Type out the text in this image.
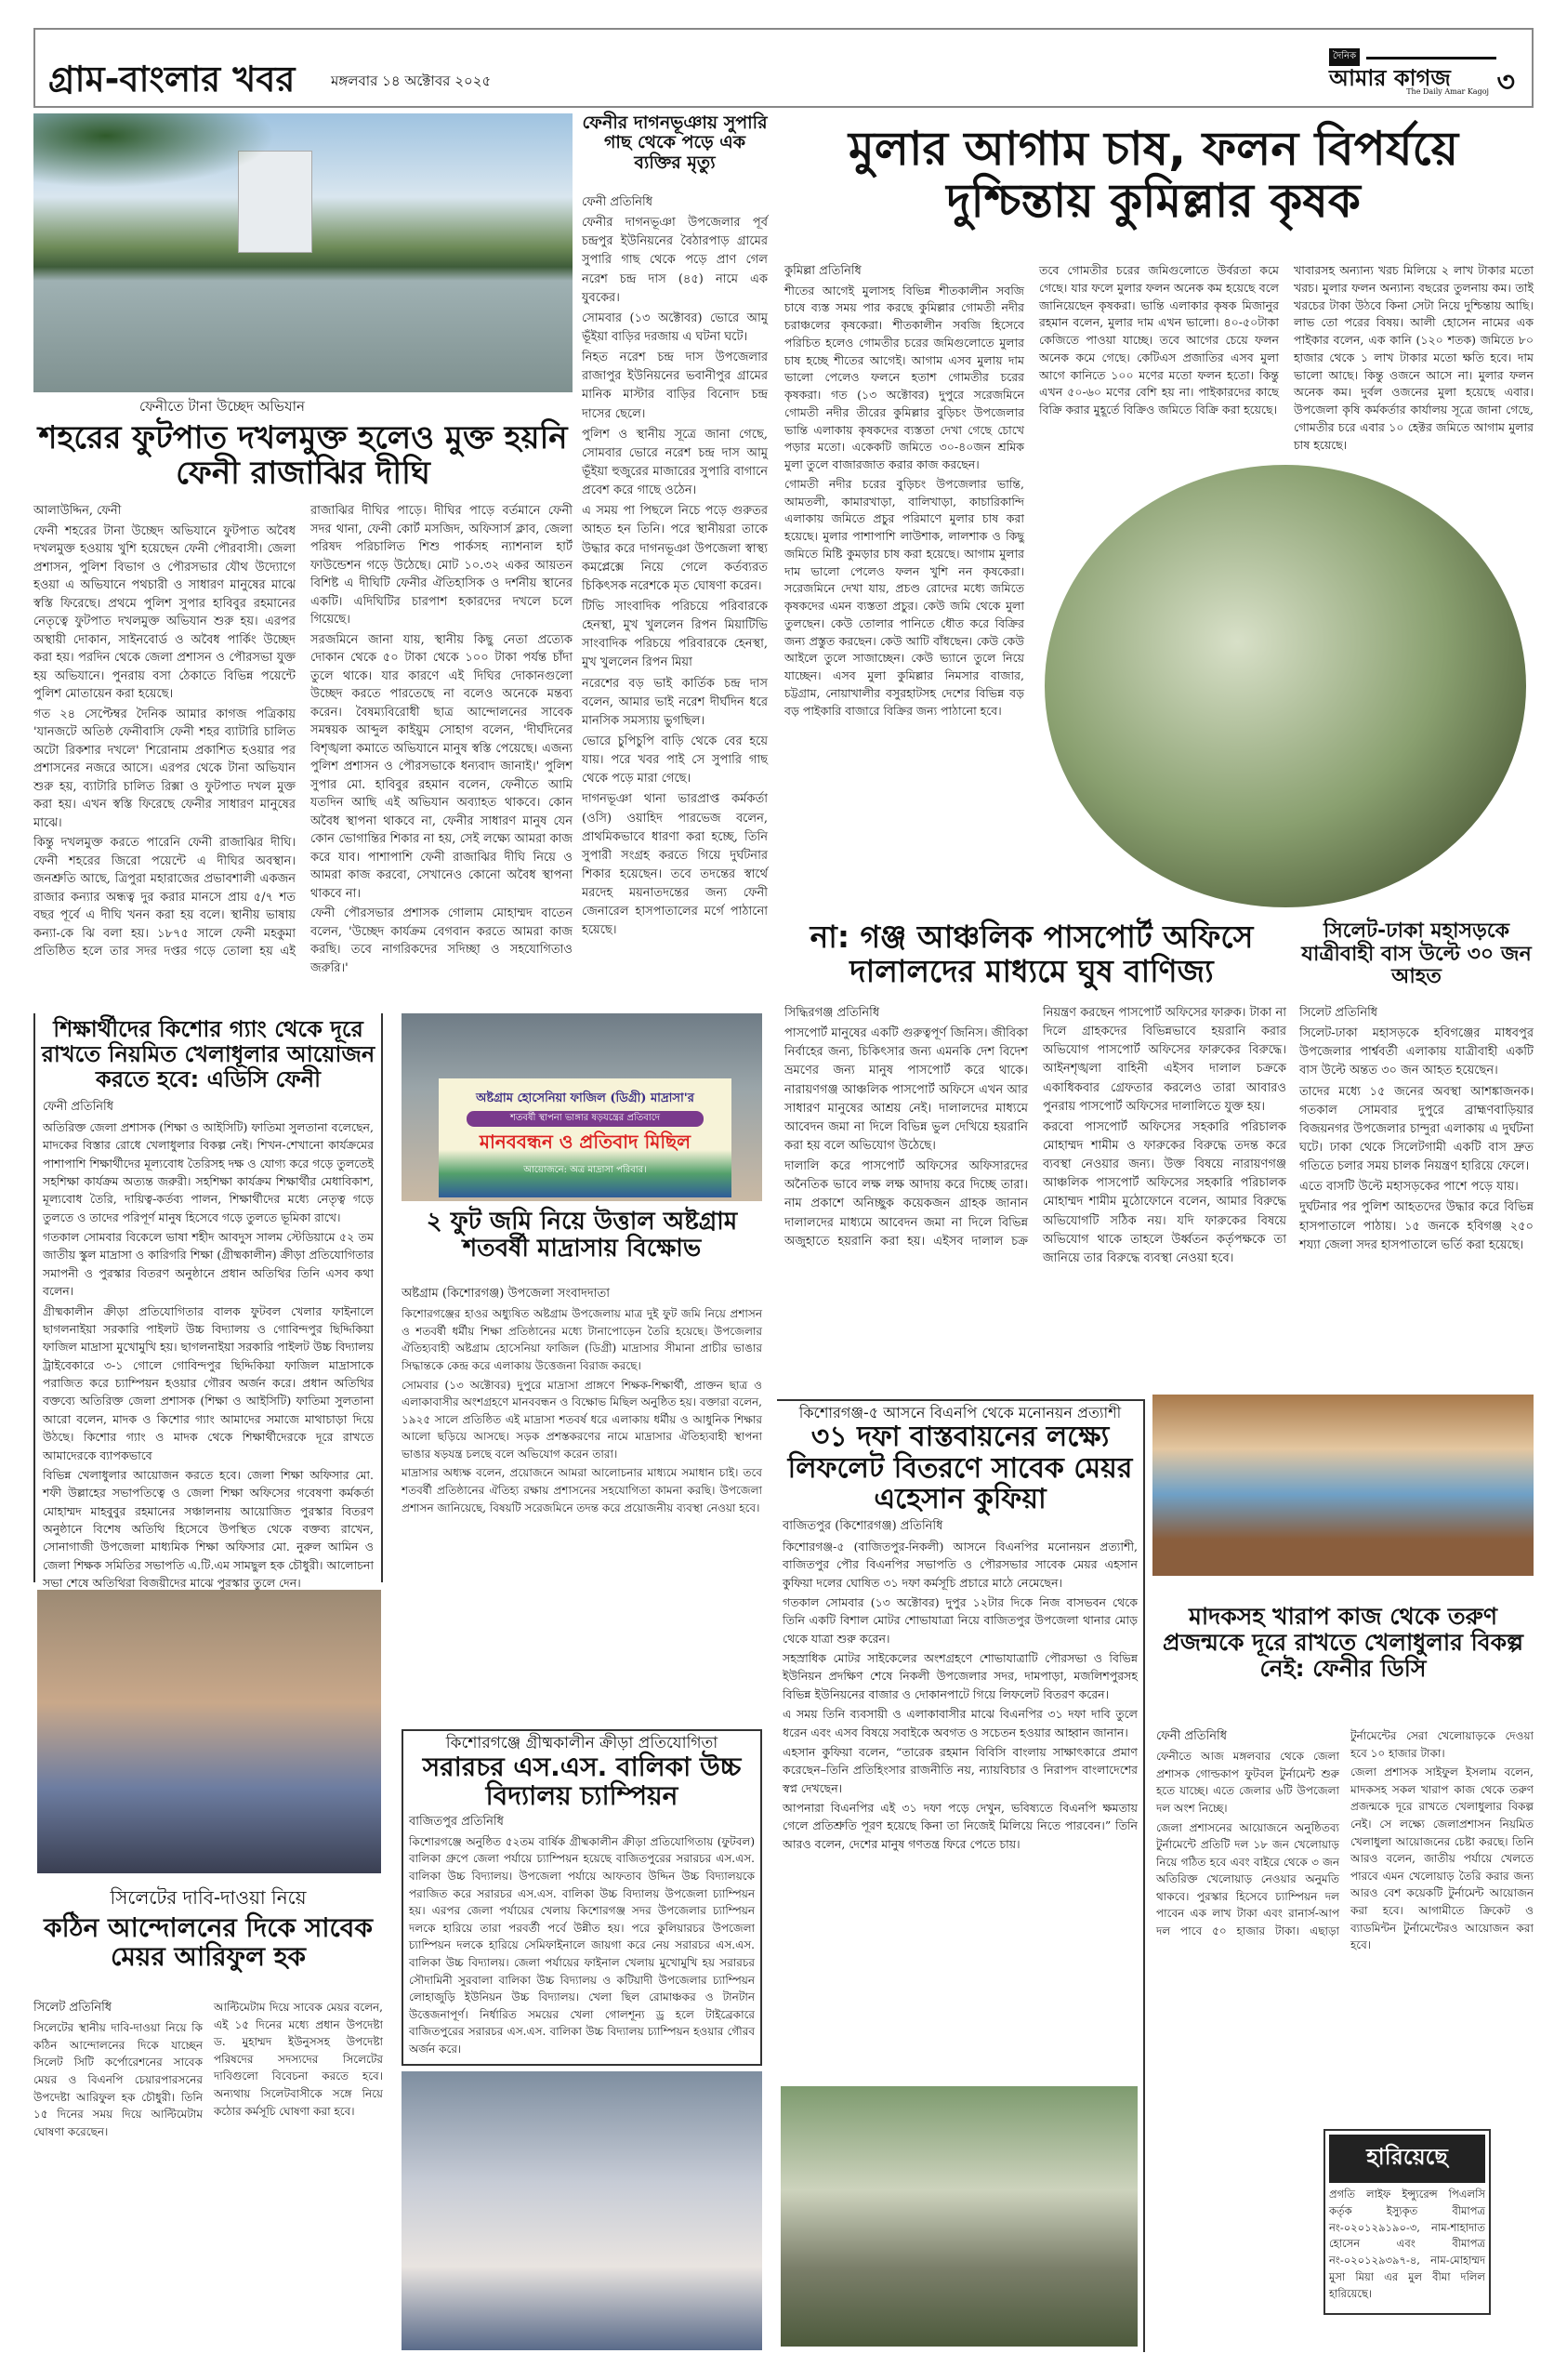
গ্রাম-বাংলার খবর	মঙ্গলবার ১৪ অক্টোবর ২০২৫
দৈনিক
আমার কাগজ
The Daily Amar Kagoj ৩
ফেনীতে টানা উচ্ছেদ অভিযান
শহরের ফুটপাত দখলমুক্ত হলেও মুক্ত হয়নি ফেনী রাজাঝির দীঘি

আলাউদ্দিন, ফেনী

ফেনী শহরের টানা উচ্ছেদ অভিযানে ফুটপাত অবৈধ দখলমুক্ত হওয়ায় খুশি হয়েছেন ফেনী পৌরবাসী। জেলা প্রশাসন, পুলিশ বিভাগ ও পৌরসভার যৌথ উদ্যোগে হওয়া এ অভিযানে পথচারী ও সাধারণ মানুষের মাঝে স্বস্তি ফিরেছে। প্রথমে পুলিশ সুপার হাবিবুর রহমানের নেতৃত্বে ফুটপাত দখলমুক্ত অভিযান শুরু হয়। এরপর অস্থায়ী দোকান, সাইনবোর্ড ও অবৈধ পার্কিং উচ্ছেদ করা হয়। পরদিন থেকে জেলা প্রশাসন ও পৌরসভা যুক্ত হয় অভিযানে। পুনরায় বসা ঠেকাতে বিভিন্ন পয়েন্টে পুলিশ মোতায়েন করা হয়েছে।

গত ২৪ সেপ্টেম্বর দৈনিক আমার কাগজ পত্রিকায় 'যানজটে অতিষ্ঠ ফেনীবাসি ফেনী শহর ব্যাটারি চালিত অটো রিকশার দখলে' শিরোনাম প্রকাশিত হওয়ার পর প্রশাসনের নজরে আসে। এরপর থেকে টানা অভিযান শুরু হয়, ব্যাটারি চালিত রিক্সা ও ফুটপাত দখল মুক্ত করা হয়। এখন স্বস্তি ফিরেছে ফেনীর সাধারণ মানুষের মাঝে।

কিন্তু দখলমুক্ত করতে পারেনি ফেনী রাজাঝির দীঘি। ফেনী শহরের জিরো পয়েন্টে এ দীঘির অবস্থান। জনশ্রুতি আছে, ত্রিপুরা মহারাজের প্রভাবশালী একজন রাজার কন্যার অন্ধত্ব দুর করার মানসে প্রায় ৫/৭ শত বছর পূর্বে এ দীঘি খনন করা হয় বলে। স্থানীয় ভাষায় কন্যা-কে ঝি বলা হয়। ১৮৭৫ সালে ফেনী মহকুমা প্রতিষ্ঠিত হলে তার সদর দপ্তর গড়ে তোলা হয় এই রাজাঝির দীঘির পাড়ে। দীঘির পাড়ে বর্তমানে ফেনী সদর থানা, ফেনী কোর্ট মসজিদ, অফিসার্স ক্লাব, জেলা পরিষদ পরিচালিত শিশু পার্কসহ ন্যাশনাল হার্ট ফাউন্ডেশন গড়ে উঠেছে। মোট ১০.৩২ একর আয়তন বিশিষ্ট এ দীঘিটি ফেনীর ঐতিহাসিক ও দর্শনীয় স্থানের একটি। এদিঘিটির চারপাশ হকারদের দখলে চলে গিয়েছে।

সরজমিনে জানা যায়, স্থানীয় কিছু নেতা প্রত্যেক দোকান থেকে ৫০ টাকা থেকে ১০০ টাকা পর্যন্ত চাঁদা তুলে থাকে। যার কারণে এই দিঘির দোকানগুলো উচ্ছেদ করতে পারতেছে না বলেও অনেকে মন্তব্য করেন। বৈষম্যবিরোধী ছাত্র আন্দোলনের সাবেক সমন্বয়ক আব্দুল কাইয়ুম সোহাগ বলেন, 'দীর্ঘদিনের বিশৃঙ্খলা কমাতে অভিযানে মানুষ স্বস্তি পেয়েছে। এজন্য পুলিশ প্রশাসন ও পৌরসভাকে ধন্যবাদ জানাই।' পুলিশ সুপার মো. হাবিবুর রহমান বলেন, ফেনীতে আমি যতদিন আছি এই অভিযান অব্যাহত থাকবে। কোন অবৈধ স্থাপনা থাকবে না, ফেনীর সাধারণ মানুষ যেন কোন ভোগান্তির শিকার না হয়, সেই লক্ষ্যে আমরা কাজ করে যাব। পাশাপাশি ফেনী রাজাঝির দীঘি নিয়ে ও আমরা কাজ করবো, সেখানেও কোনো অবৈধ স্থাপনা থাকবে না।

ফেনী পৌরসভার প্রশাসক গোলাম মোহাম্মদ বাতেন বলেন, 'উচ্ছেদ কার্যক্রম বেগবান করতে আমরা কাজ করছি। তবে নাগরিকদের সদিচ্ছা ও সহযোগিতাও জরুরি।'

ফেনীর দাগনভূঞায় সুপারি গাছ থেকে পড়ে এক ব্যক্তির মৃত্যু

ফেনী প্রতিনিধি

ফেনীর দাগনভূঞা উপজেলার পূর্ব চন্দ্রপুর ইউনিয়নের বৈঠারপাড় গ্রামের সুপারি গাছ থেকে পড়ে প্রাণ গেল নরেশ চন্দ্র দাস (৪৫) নামে এক যুবকের।

সোমবার (১৩ অক্টোবর) ভোরে আমু ভূঁইয়া বাড়ির দরজায় এ ঘটনা ঘটে।

নিহত নরেশ চন্দ্র দাস উপজেলার রাজাপুর ইউনিয়নের ভবানীপুর গ্রামের মানিক মাস্টার বাড়ির বিনোদ চন্দ্র দাসের ছেলে।

পুলিশ ও স্থানীয় সূত্রে জানা গেছে, সোমবার ভোরে নরেশ চন্দ্র দাস আমু ভূঁইয়া হুজুরের মাজারের সুপারি বাগানে প্রবেশ করে গাছে ওঠেন।

এ সময় পা পিছলে নিচে পড়ে গুরুতর আহত হন তিনি। পরে স্থানীয়রা তাকে উদ্ধার করে দাগনভূঞা উপজেলা স্বাস্থ্য কমপ্লেক্সে নিয়ে গেলে কর্তব্যরত চিকিৎসক নরেশকে মৃত ঘোষণা করেন।

টিভি সাংবাদিক পরিচয়ে পরিবারকে হেনস্থা, মুখ খুললেন রিপন মিয়াটিভি সাংবাদিক পরিচয়ে পরিবারকে হেনস্থা, মুখ খুললেন রিপন মিয়া

নরেশের বড় ভাই কার্তিক চন্দ্র দাস বলেন, আমার ভাই নরেশ দীর্ঘদিন ধরে মানসিক সমস্যায় ভুগছিল।

ভোরে চুপিচুপি বাড়ি থেকে বের হয়ে যায়। পরে খবর পাই সে সুপারি গাছ থেকে পড়ে মারা গেছে।

দাগনভূঞা থানা ভারপ্রাপ্ত কর্মকর্তা (ওসি) ওয়াহিদ পারভেজ বলেন, প্রাথমিকভাবে ধারণা করা হচ্ছে, তিনি সুপারী সংগ্রহ করতে গিয়ে দুর্ঘটনার শিকার হয়েছেন। তবে তদন্তের স্বার্থে মরদেহ ময়নাতদন্তের জন্য ফেনী জেনারেল হাসপাতালের মর্গে পাঠানো হয়েছে।

মুলার আগাম চাষ, ফলন বিপর্যয়ে দুশ্চিন্তায় কুমিল্লার কৃষক

কুমিল্লা প্রতিনিধি

শীতের আগেই মুলাসহ বিভিন্ন শীতকালীন সবজি চাষে ব্যস্ত সময় পার করছে কুমিল্লার গোমতী নদীর চরাঞ্চলের কৃষকেরা। শীতকালীন সবজি হিসেবে পরিচিত হলেও গোমতীর চরের জমিগুলোতে মুলার চাষ হচ্ছে শীতের আগেই। আগাম এসব মুলায় দাম ভালো পেলেও ফলনে হতাশ গোমতীর চরের কৃষকরা। গত (১৩ অক্টোবর) দুপুরে সরেজমিনে গোমতী নদীর তীরের কুমিল্লার বুড়িচং উপজেলার ভান্তি এলাকায় কৃষকদের ব্যস্ততা দেখা গেছে চোখে পড়ার মতো। একেকটি জমিতে ৩০-৪০জন শ্রমিক মুলা তুলে বাজারজাত করার কাজ করছেন।

গোমতী নদীর চরের বুড়িচং উপজেলার ভান্তি, আমতলী, কামারখাড়া, বালিখাড়া, কাচারিকান্দি এলাকায় জমিতে প্রচুর পরিমাণে মুলার চাষ করা হয়েছে। মুলার পাশাপাশি লাউশাক, লালশাক ও কিছু জমিতে মিষ্টি কুমড়ার চাষ করা হয়েছে। আগাম মুলার দাম ভালো পেলেও ফলন খুশি নন কৃষকেরা। সরেজমিনে দেখা যায়, প্রচণ্ড রোদের মধ্যে জমিতে কৃষকদের এমন ব্যস্ততা প্রচুর। কেউ জমি থেকে মুলা তুলছেন। কেউ তোলার পানিতে ধৌত করে বিক্রির জন্য প্রস্তুত করছেন। কেউ আটি বাঁধছেন। কেউ কেউ আইলে তুলে সাজাচ্ছেন। কেউ ভ্যানে তুলে নিয়ে যাচ্ছেন। এসব মুলা কুমিল্লার নিমসার বাজার, চট্টগ্রাম, নোয়াখালীর বসুরহাটসহ দেশের বিভিন্ন বড় বড় পাইকারি বাজারে বিক্রির জন্য পাঠানো হবে।

তবে গোমতীর চরের জমিগুলোতে উর্বরতা কমে গেছে। যার ফলে মুলার ফলন অনেক কম হয়েছে বলে জানিয়েছেন কৃষকরা। ভান্তি এলাকার কৃষক মিজানুর রহমান বলেন, মুলার দাম এখন ভালো। ৪০-৫০টাকা কেজিতে পাওয়া যাচ্ছে। তবে আগের চেয়ে ফলন অনেক কমে গেছে। কেটিএস প্রজাতির এসব মুলা আগে কানিতে ১০০ মণের মতো ফলন হতো। কিন্তু এখন ৫০-৬০ মণের বেশি হয় না। পাইকারদের কাছে বিক্রি করার মুহূর্তে বিক্রিও জমিতে বিক্রি করা হয়েছে।

খাবারসহ অন্যান্য খরচ মিলিয়ে ২ লাখ টাকার মতো খরচ। মুলার ফলন অন্যান্য বছরের তুলনায় কম। তাই খরচের টাকা উঠবে কিনা সেটা নিয়ে দুশ্চিন্তায় আছি। লাভ তো পরের বিষয়। আলী হোসেন নামের এক পাইকার বলেন, এক কানি (১২০ শতক) জমিতে ৮০ হাজার থেকে ১ লাখ টাকার মতো ক্ষতি হবে। দাম ভালো আছে। কিন্তু ওজনে আসে না। মুলার ফলন অনেক কম। দুর্বল ওজনের মুলা হয়েছে এবার। উপজেলা কৃষি কর্মকর্তার কার্যালয় সূত্রে জানা গেছে, গোমতীর চরে এবার ১০ হেক্টর জমিতে আগাম মুলার চাষ হয়েছে।

না: গঞ্জ আঞ্চলিক পাসপোর্ট অফিসে দালালদের মাধ্যমে ঘুষ বাণিজ্য

সিদ্ধিরগঞ্জ প্রতিনিধি

পাসপোর্ট মানুষের একটি গুরুত্বপূর্ণ জিনিস। জীবিকা নির্বাহের জন্য, চিকিৎসার জন্য এমনকি দেশ বিদেশ ভ্রমণের জন্য মানুষ পাসপোর্ট করে থাকে। নারায়ণগঞ্জ আঞ্চলিক পাসপোর্ট অফিসে এখন আর সাধারণ মানুষের আশ্রয় নেই। দালালদের মাধ্যমে আবেদন জমা না দিলে বিভিন্ন ভুল দেখিয়ে হয়রানি করা হয় বলে অভিযোগ উঠেছে।

দালালি করে পাসপোর্ট অফিসের অফিসারদের অনৈতিক ভাবে লক্ষ লক্ষ আদায় করে দিচ্ছে তারা। নাম প্রকাশে অনিচ্ছুক কয়েকজন গ্রাহক জানান দালালদের মাধ্যমে আবেদন জমা না দিলে বিভিন্ন অজুহাতে হয়রানি করা হয়। এইসব দালাল চক্র নিয়ন্ত্রণ করছেন পাসপোর্ট অফিসের ফারুক। টাকা না দিলে গ্রাহকদের বিভিন্নভাবে হয়রানি করার অভিযোগ পাসপোর্ট অফিসের ফারুকের বিরুদ্ধে। আইনশৃঙ্খলা বাহিনী এইসব দালাল চক্রকে একাধিকবার গ্রেফতার করলেও তারা আবারও পুনরায় পাসপোর্ট অফিসের দালালিতে যুক্ত হয়।

করবো পাসপোর্ট অফিসের সহকারি পরিচালক মোহাম্মদ শামীম ও ফারুকের বিরুদ্ধে তদন্ত করে ব্যবস্থা নেওয়ার জন্য। উক্ত বিষয়ে নারায়ণগঞ্জ আঞ্চলিক পাসপোর্ট অফিসের সহকারি পরিচালক মোহাম্মদ শামীম মুঠোফোনে বলেন, আমার বিরুদ্ধে অভিযোগটি সঠিক নয়। যদি ফারুকের বিষয়ে অভিযোগ থাকে তাহলে উর্ধ্বতন কর্তৃপক্ষকে তা জানিয়ে তার বিরুদ্ধে ব্যবস্থা নেওয়া হবে।

সিলেট-ঢাকা মহাসড়কে যাত্রীবাহী বাস উল্টে ৩০ জন আহত

সিলেট প্রতিনিধি

সিলেট-ঢাকা মহাসড়কে হবিগঞ্জের মাধবপুর উপজেলার পার্শ্ববর্তী এলাকায় যাত্রীবাহী একটি বাস উল্টে অন্তত ৩০ জন আহত হয়েছেন।

তাদের মধ্যে ১৫ জনের অবস্থা আশঙ্কাজনক। গতকাল সোমবার দুপুরে ব্রাহ্মণবাড়িয়ার বিজয়নগর উপজেলার চান্দুরা এলাকায় এ দুর্ঘটনা ঘটে। ঢাকা থেকে সিলেটগামী একটি বাস দ্রুত গতিতে চলার সময় চালক নিয়ন্ত্রণ হারিয়ে ফেলে।

এতে বাসটি উল্টে মহাসড়কের পাশে পড়ে যায়।

দুর্ঘটনার পর পুলিশ আহতদের উদ্ধার করে বিভিন্ন হাসপাতালে পাঠায়। ১৫ জনকে হবিগঞ্জ ২৫০ শয্যা জেলা সদর হাসপাতালে ভর্তি করা হয়েছে।

শিক্ষার্থীদের কিশোর গ্যাং থেকে দূরে রাখতে নিয়মিত খেলাধূলার আয়োজন করতে হবে: এডিসি ফেনী

ফেনী প্রতিনিধি

অতিরিক্ত জেলা প্রশাসক (শিক্ষা ও আইসিটি) ফাতিমা সুলতানা বলেছেন, মাদকের বিস্তার রোধে খেলাধুলার বিকল্প নেই। শিখন-শেখানো কার্যক্রমের পাশাপাশি শিক্ষার্থীদের মূল্যবোধ তৈরিসহ দক্ষ ও যোগ্য করে গড়ে তুলতেই সহশিক্ষা কার্যক্রম অত্যন্ত জরুরী। সহশিক্ষা কার্যক্রম শিক্ষার্থীর মেধাবিকাশ, মূল্যবোধ তৈরি, দায়িত্ব-কর্তব্য পালন, শিক্ষার্থীদের মধ্যে নেতৃত্ব গড়ে তুলতে ও তাদের পরিপূর্ণ মানুষ হিসেবে গড়ে তুলতে ভূমিকা রাখে।

গতকাল সোমবার বিকেলে ভাষা শহীদ আবদুস সালম স্টেডিয়ামে ৫২ তম জাতীয় স্কুল মাদ্রাসা ও কারিগরি শিক্ষা (গ্রীষ্মকালীন) ক্রীড়া প্রতিযোগিতার সমাপনী ও পুরস্কার বিতরণ অনুষ্ঠানে প্রধান অতিথির তিনি এসব কথা বলেন।

গ্রীষ্মকালীন ক্রীড়া প্রতিযোগিতার বালক ফুটবল খেলার ফাইনালে ছাগলনাইয়া সরকারি পাইলট উচ্চ বিদ্যালয় ও গোবিন্দপুর ছিদ্দিকিয়া ফাজিল মাদ্রাসা মুখোমুখি হয়। ছাগলনাইয়া সরকারি পাইলট উচ্চ বিদ্যালয় ট্রাইবেকারে ৩-১ গোলে গোবিন্দপুর ছিদ্দিকিয়া ফাজিল মাদ্রাসাকে পরাজিত করে চ্যাম্পিয়ন হওয়ার গৌরব অর্জন করে। প্রধান অতিথির বক্তব্যে অতিরিক্ত জেলা প্রশাসক (শিক্ষা ও আইসিটি) ফাতিমা সুলতানা আরো বলেন, মাদক ও কিশোর গ্যাং আমাদের সমাজে মাথাচাড়া দিয়ে উঠছে। কিশোর গ্যাং ও মাদক থেকে শিক্ষার্থীদেরকে দূরে রাখতে আমাদেরকে ব্যাপকভাবে

বিভিন্ন খেলাধুলার আয়োজন করতে হবে। জেলা শিক্ষা অফিসার মো. শফী উল্লাহের সভাপতিত্বে ও জেলা শিক্ষা অফিসের গবেষণা কর্মকর্তা মোহাম্মদ মাহবুবুর রহমানের সঞ্চালনায় আয়োজিত পুরস্কার বিতরণ অনুষ্ঠানে বিশেষ অতিথি হিসেবে উপস্থিত থেকে বক্তব্য রাখেন, সোনাগাজী উপজেলা মাধ্যমিক শিক্ষা অফিসার মো. নুরুল আমিন ও জেলা শিক্ষক সমিতির সভাপতি এ.টি.এম সামছুল হক চৌধুরী। আলোচনা সভা শেষে অতিথিরা বিজয়ীদের মাঝে পুরস্কার তুলে দেন।

অষ্টগ্রাম হোসেনিয়া ফাজিল (ডিগ্রী) মাদ্রাসা'র
শতবর্ষী স্থাপনা ভাঙ্গার ষড়যন্ত্রের প্রতিবাদে
মানববন্ধন ও প্রতিবাদ মিছিল
আয়োজনে: অত্র মাদ্রাসা পরিবার।
২ ফুট জমি নিয়ে উত্তাল অষ্টগ্রাম শতবর্ষী মাদ্রাসায় বিক্ষোভ

অষ্টগ্রাম (কিশোরগঞ্জ) উপজেলা সংবাদদাতা

কিশোরগঞ্জের হাওর অধ্যুষিত অষ্টগ্রাম উপজেলায় মাত্র দুই ফুট জমি নিয়ে প্রশাসন ও শতবর্ষী ধর্মীয় শিক্ষা প্রতিষ্ঠানের মধ্যে টানাপোড়েন তৈরি হয়েছে। উপজেলার ঐতিহ্যবাহী অষ্টগ্রাম হোসেনিয়া ফাজিল (ডিগ্রী) মাদ্রাসার সীমানা প্রাচীর ভাঙার সিদ্ধান্তকে কেন্দ্র করে এলাকায় উত্তেজনা বিরাজ করছে।

সোমবার (১৩ অক্টোবর) দুপুরে মাদ্রাসা প্রাঙ্গণে শিক্ষক-শিক্ষার্থী, প্রাক্তন ছাত্র ও এলাকাবাসীর অংশগ্রহণে মানববন্ধন ও বিক্ষোভ মিছিল অনুষ্ঠিত হয়। বক্তারা বলেন, ১৯২৫ সালে প্রতিষ্ঠিত এই মাদ্রাসা শতবর্ষ ধরে এলাকায় ধর্মীয় ও আধুনিক শিক্ষার আলো ছড়িয়ে আসছে। সড়ক প্রশস্তকরণের নামে মাদ্রাসার ঐতিহ্যবাহী স্থাপনা ভাঙার ষড়যন্ত্র চলছে বলে অভিযোগ করেন তারা।

মাদ্রাসার অধ্যক্ষ বলেন, প্রয়োজনে আমরা আলোচনার মাধ্যমে সমাধান চাই। তবে শতবর্ষী প্রতিষ্ঠানের ঐতিহ্য রক্ষায় প্রশাসনের সহযোগিতা কামনা করছি। উপজেলা প্রশাসন জানিয়েছে, বিষয়টি সরেজমিনে তদন্ত করে প্রয়োজনীয় ব্যবস্থা নেওয়া হবে।

কিশোরগঞ্জে গ্রীষ্মকালীন ক্রীড়া প্রতিযোগিতা
সরারচর এস.এস. বালিকা উচ্চ বিদ্যালয় চ্যাম্পিয়ন

বাজিতপুর প্রতিনিধি

কিশোরগঞ্জে অনুষ্ঠিত ৫২তম বার্ষিক গ্রীষ্মকালীন ক্রীড়া প্রতিযোগিতায় (ফুটবল) বালিকা গ্রুপে জেলা পর্যায়ে চ্যাম্পিয়ন হয়েছে বাজিতপুরের সরারচর এস.এস. বালিকা উচ্চ বিদ্যালয়। উপজেলা পর্যায়ে আফতাব উদ্দিন উচ্চ বিদ্যালয়কে পরাজিত করে সরারচর এস.এস. বালিকা উচ্চ বিদ্যালয় উপজেলা চ্যাম্পিয়ন হয়। এরপর জেলা পর্যায়ের খেলায় কিশোরগঞ্জ সদর উপজেলার চ্যাম্পিয়ন দলকে হারিয়ে তারা পরবর্তী পর্বে উন্নীত হয়। পরে কুলিয়ারচর উপজেলা চ্যাম্পিয়ন দলকে হারিয়ে সেমিফাইনালে জায়গা করে নেয় সরারচর এস.এস. বালিকা উচ্চ বিদ্যালয়। জেলা পর্যায়ের ফাইনাল খেলায় মুখোমুখি হয় সরারচর সৌদামিনী সুরবালা বালিকা উচ্চ বিদ্যালয় ও কটিয়াদী উপজেলার চ্যাম্পিয়ন লোহাজুড়ি ইউনিয়ন উচ্চ বিদ্যালয়। খেলা ছিল রোমাঞ্চকর ও টানটান উত্তেজনাপূর্ণ। নির্ধারিত সময়ের খেলা গোলশূন্য ড্র হলে টাইব্রেকারে বাজিতপুরের সরারচর এস.এস. বালিকা উচ্চ বিদ্যালয় চ্যাম্পিয়ন হওয়ার গৌরব অর্জন করে।

সিলেটের দাবি-দাওয়া নিয়ে
কঠিন আন্দোলনের দিকে সাবেক মেয়র আরিফুল হক

সিলেট প্রতিনিধি

সিলেটের স্থানীয় দাবি-দাওয়া নিয়ে কি কঠিন আন্দোলনের দিকে যাচ্ছেন সিলেট সিটি কর্পোরেশনের সাবেক মেয়র ও বিএনপি চেয়ারপারসনের উপদেষ্টা আরিফুল হক চৌধুরী। তিনি ১৫ দিনের সময় দিয়ে আল্টিমেটাম ঘোষণা করেছেন।

আল্টিমেটাম দিয়ে সাবেক মেয়র বলেন, এই ১৫ দিনের মধ্যে প্রধান উপদেষ্টা ড. মুহাম্মদ ইউনুসসহ উপদেষ্টা পরিষদের সদস্যদের সিলেটের দাবিগুলো বিবেচনা করতে হবে। অন্যথায় সিলেটবাসীকে সঙ্গে নিয়ে কঠোর কর্মসূচি ঘোষণা করা হবে।

কিশোরগঞ্জ-৫ আসনে বিএনপি থেকে মনোনয়ন প্রত্যাশী
৩১ দফা বাস্তবায়নের লক্ষ্যে লিফলেট বিতরণে সাবেক মেয়র এহেসান কুফিয়া

বাজিতপুর (কিশোরগঞ্জ) প্রতিনিধি

কিশোরগঞ্জ-৫ (বাজিতপুর-নিকলী) আসনে বিএনপির মনোনয়ন প্রত্যাশী, বাজিতপুর পৌর বিএনপির সভাপতি ও পৌরসভার সাবেক মেয়র এহসান কুফিয়া দলের ঘোষিত ৩১ দফা কর্মসূচি প্রচারে মাঠে নেমেছেন।

গতকাল সোমবার (১৩ অক্টোবর) দুপুর ১২টার দিকে নিজ বাসভবন থেকে তিনি একটি বিশাল মোটর শোভাযাত্রা নিয়ে বাজিতপুর উপজেলা থানার মোড় থেকে যাত্রা শুরু করেন।

সহস্রাধিক মোটর সাইকেলের অংশগ্রহণে শোভাযাত্রাটি পৌরসভা ও বিভিন্ন ইউনিয়ন প্রদক্ষিণ শেষে নিকলী উপজেলার সদর, দামপাড়া, মজলিশপুরসহ বিভিন্ন ইউনিয়নের বাজার ও দোকানপাটে গিয়ে লিফলেট বিতরণ করেন।

এ সময় তিনি ব্যবসায়ী ও এলাকাবাসীর মাঝে বিএনপির ৩১ দফা দাবি তুলে ধরেন এবং এসব বিষয়ে সবাইকে অবগত ও সচেতন হওয়ার আহ্বান জানান।

এহসান কুফিয়া বলেন, “তারেক রহমান বিবিসি বাংলায় সাক্ষাৎকারে প্রমাণ করেছেন–তিনি প্রতিহিংসার রাজনীতি নয়, ন্যায়বিচার ও নিরাপদ বাংলাদেশের স্বপ্ন দেখছেন।

আপনারা বিএনপির এই ৩১ দফা পড়ে দেখুন, ভবিষ্যতে বিএনপি ক্ষমতায় গেলে প্রতিশ্রুতি পূরণ হয়েছে কিনা তা নিজেই মিলিয়ে নিতে পারবেন।” তিনি আরও বলেন, দেশের মানুষ গণতন্ত্র ফিরে পেতে চায়।

মাদকসহ খারাপ কাজ থেকে তরুণ প্রজন্মকে দূরে রাখতে খেলাধুলার বিকল্প নেই: ফেনীর ডিসি

ফেনী প্রতিনিধি

ফেনীতে আজ মঙ্গলবার থেকে জেলা প্রশাসক গোল্ডকাপ ফুটবল টুর্নামেন্ট শুরু হতে যাচ্ছে। এতে জেলার ৬টি উপজেলা দল অংশ নিচ্ছে।

জেলা প্রশাসনের আয়োজনে অনুষ্ঠিতব্য টুর্নামেন্টে প্রতিটি দল ১৮ জন খেলোয়াড় নিয়ে গঠিত হবে এবং বাইরে থেকে ৩ জন অতিরিক্ত খেলোয়াড় নেওয়ার অনুমতি থাকবে। পুরস্কার হিসেবে চ্যাম্পিয়ন দল পাবেন এক লাখ টাকা এবং রানার্স-আপ দল পাবে ৫০ হাজার টাকা। এছাড়া টুর্নামেন্টের সেরা খেলোয়াড়কে দেওয়া হবে ১০ হাজার টাকা।

জেলা প্রশাসক সাইফুল ইসলাম বলেন, মাদকসহ সকল খারাপ কাজ থেকে তরুণ প্রজন্মকে দূরে রাখতে খেলাধুলার বিকল্প নেই। সে লক্ষ্যে জেলাপ্রশাসন নিয়মিত খেলাধুলা আয়োজনের চেষ্টা করছে। তিনি আরও বলেন, জাতীয় পর্যায়ে খেলতে পারবে এমন খেলোয়াড় তৈরি করার জন্য আরও বেশ কয়েকটি টুর্নামেন্ট আয়োজন করা হবে। আগামীতে ক্রিকেট ও ব্যাডমিন্টন টুর্নামেন্টেরও আয়োজন করা হবে।

হারিয়েছে
প্রগতি লাইফ ইন্স্যুরেন্স পিএলসি কর্তৃক ইস্যুকৃত বীমাপত্র নং-০২০১২৯১৯০-৩, নাম-শাহাদাত হোসেন এবং বীমাপত্র নং-০২০১২৯৩৯৭-৪, নাম-মোহাম্মদ মুসা মিয়া এর মুল বীমা দলিল হারিয়েছে।
